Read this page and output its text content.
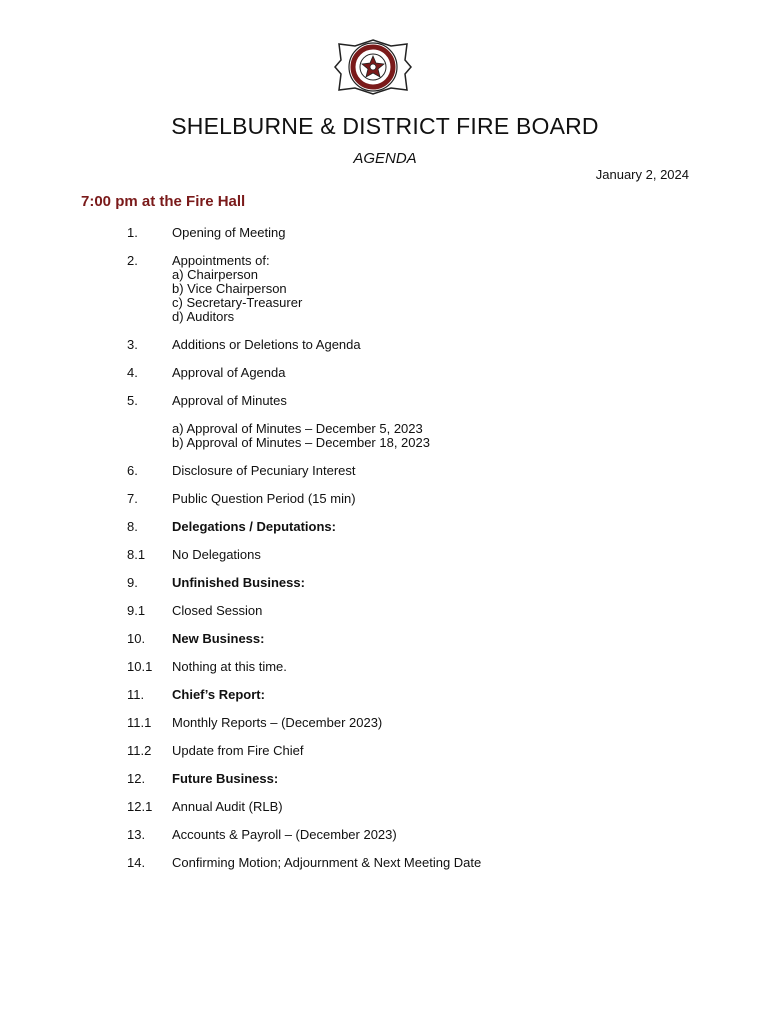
SHELBURNE & DISTRICT FIRE BOARD
AGENDA
January 2, 2024
7:00 pm at the Fire Hall
1.	Opening of Meeting
2.	Appointments of:
a) Chairperson
b) Vice Chairperson
c) Secretary-Treasurer
d) Auditors
3.	Additions or Deletions to Agenda
4.	Approval of Agenda
5.	Approval of Minutes
a) Approval of Minutes – December 5, 2023
b) Approval of Minutes – December 18, 2023
6.	Disclosure of Pecuniary Interest
7.	Public Question Period (15 min)
8.	Delegations / Deputations:
8.1 No Delegations
9.	Unfinished Business:
9.1 Closed Session
10. New Business:
10.1 Nothing at this time.
11. Chief’s Report:
11.1 Monthly Reports – (December 2023)
11.2 Update from Fire Chief
12. Future Business:
12.1 Annual Audit (RLB)
13. Accounts & Payroll – (December 2023)
14. Confirming Motion; Adjournment & Next Meeting Date
